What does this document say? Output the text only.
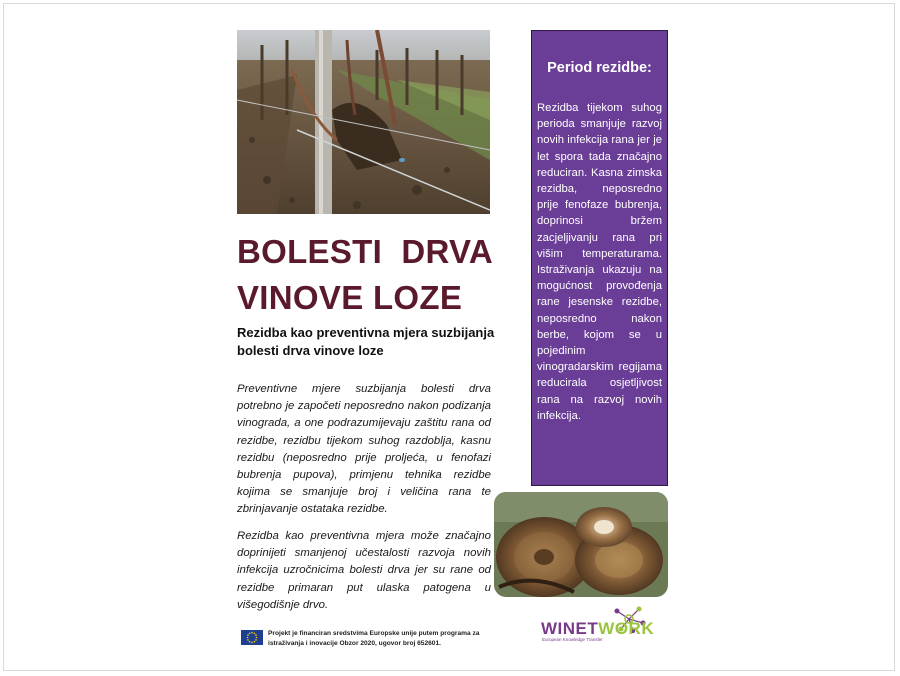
BOLESTI DRVA
VINOVE LOZE

Rezidba kao preventivna mjera suzbijanja bolesti drva vinove loze

Preventivne mjere suzbijanja bolesti drva potrebno je započeti neposredno nakon podizanja vinograda, a one podrazumijevaju zaštitu rana od rezidbe, rezidbu tijekom suhog razdoblja, kasnu rezidbu (neposredno prije proljeća, u fenofazi bubrenja pupova), primjenu tehnika rezidbe kojima se smanjuje broj i veličina rana te zbrinjavanje ostataka rezidbe.

Rezidba kao preventivna mjera može značajno doprinijeti smanjenoj učestalosti razvoja novih infekcija uzročnicima bolesti drva jer su rane od rezidbe primaran put ulaska patogena u višegodišnje drvo.

Projekt je financiran sredstvima Europske unije putem programa za istraživanja i inovacije Obzor 2020, ugovor broj 652601.
Period rezidbe:

Rezidba tijekom suhog perioda smanjuje razvoj novih infekcija rana jer je let spora tada značajno reduciran. Kasna zimska rezidba, neposredno prije fenofaze bubrenja, doprinosi bržem zacjeljivanju rana pri višim temperaturama. Istraživanja ukazuju na mogućnost provođenja rane jesenske rezidbe, neposredno nakon berbe, kojom se u pojedinim vinogradarskim regijama reducirala osjetljivost rana na razvoj novih infekcija.

WINETWORK
European Knowledge Transfer
